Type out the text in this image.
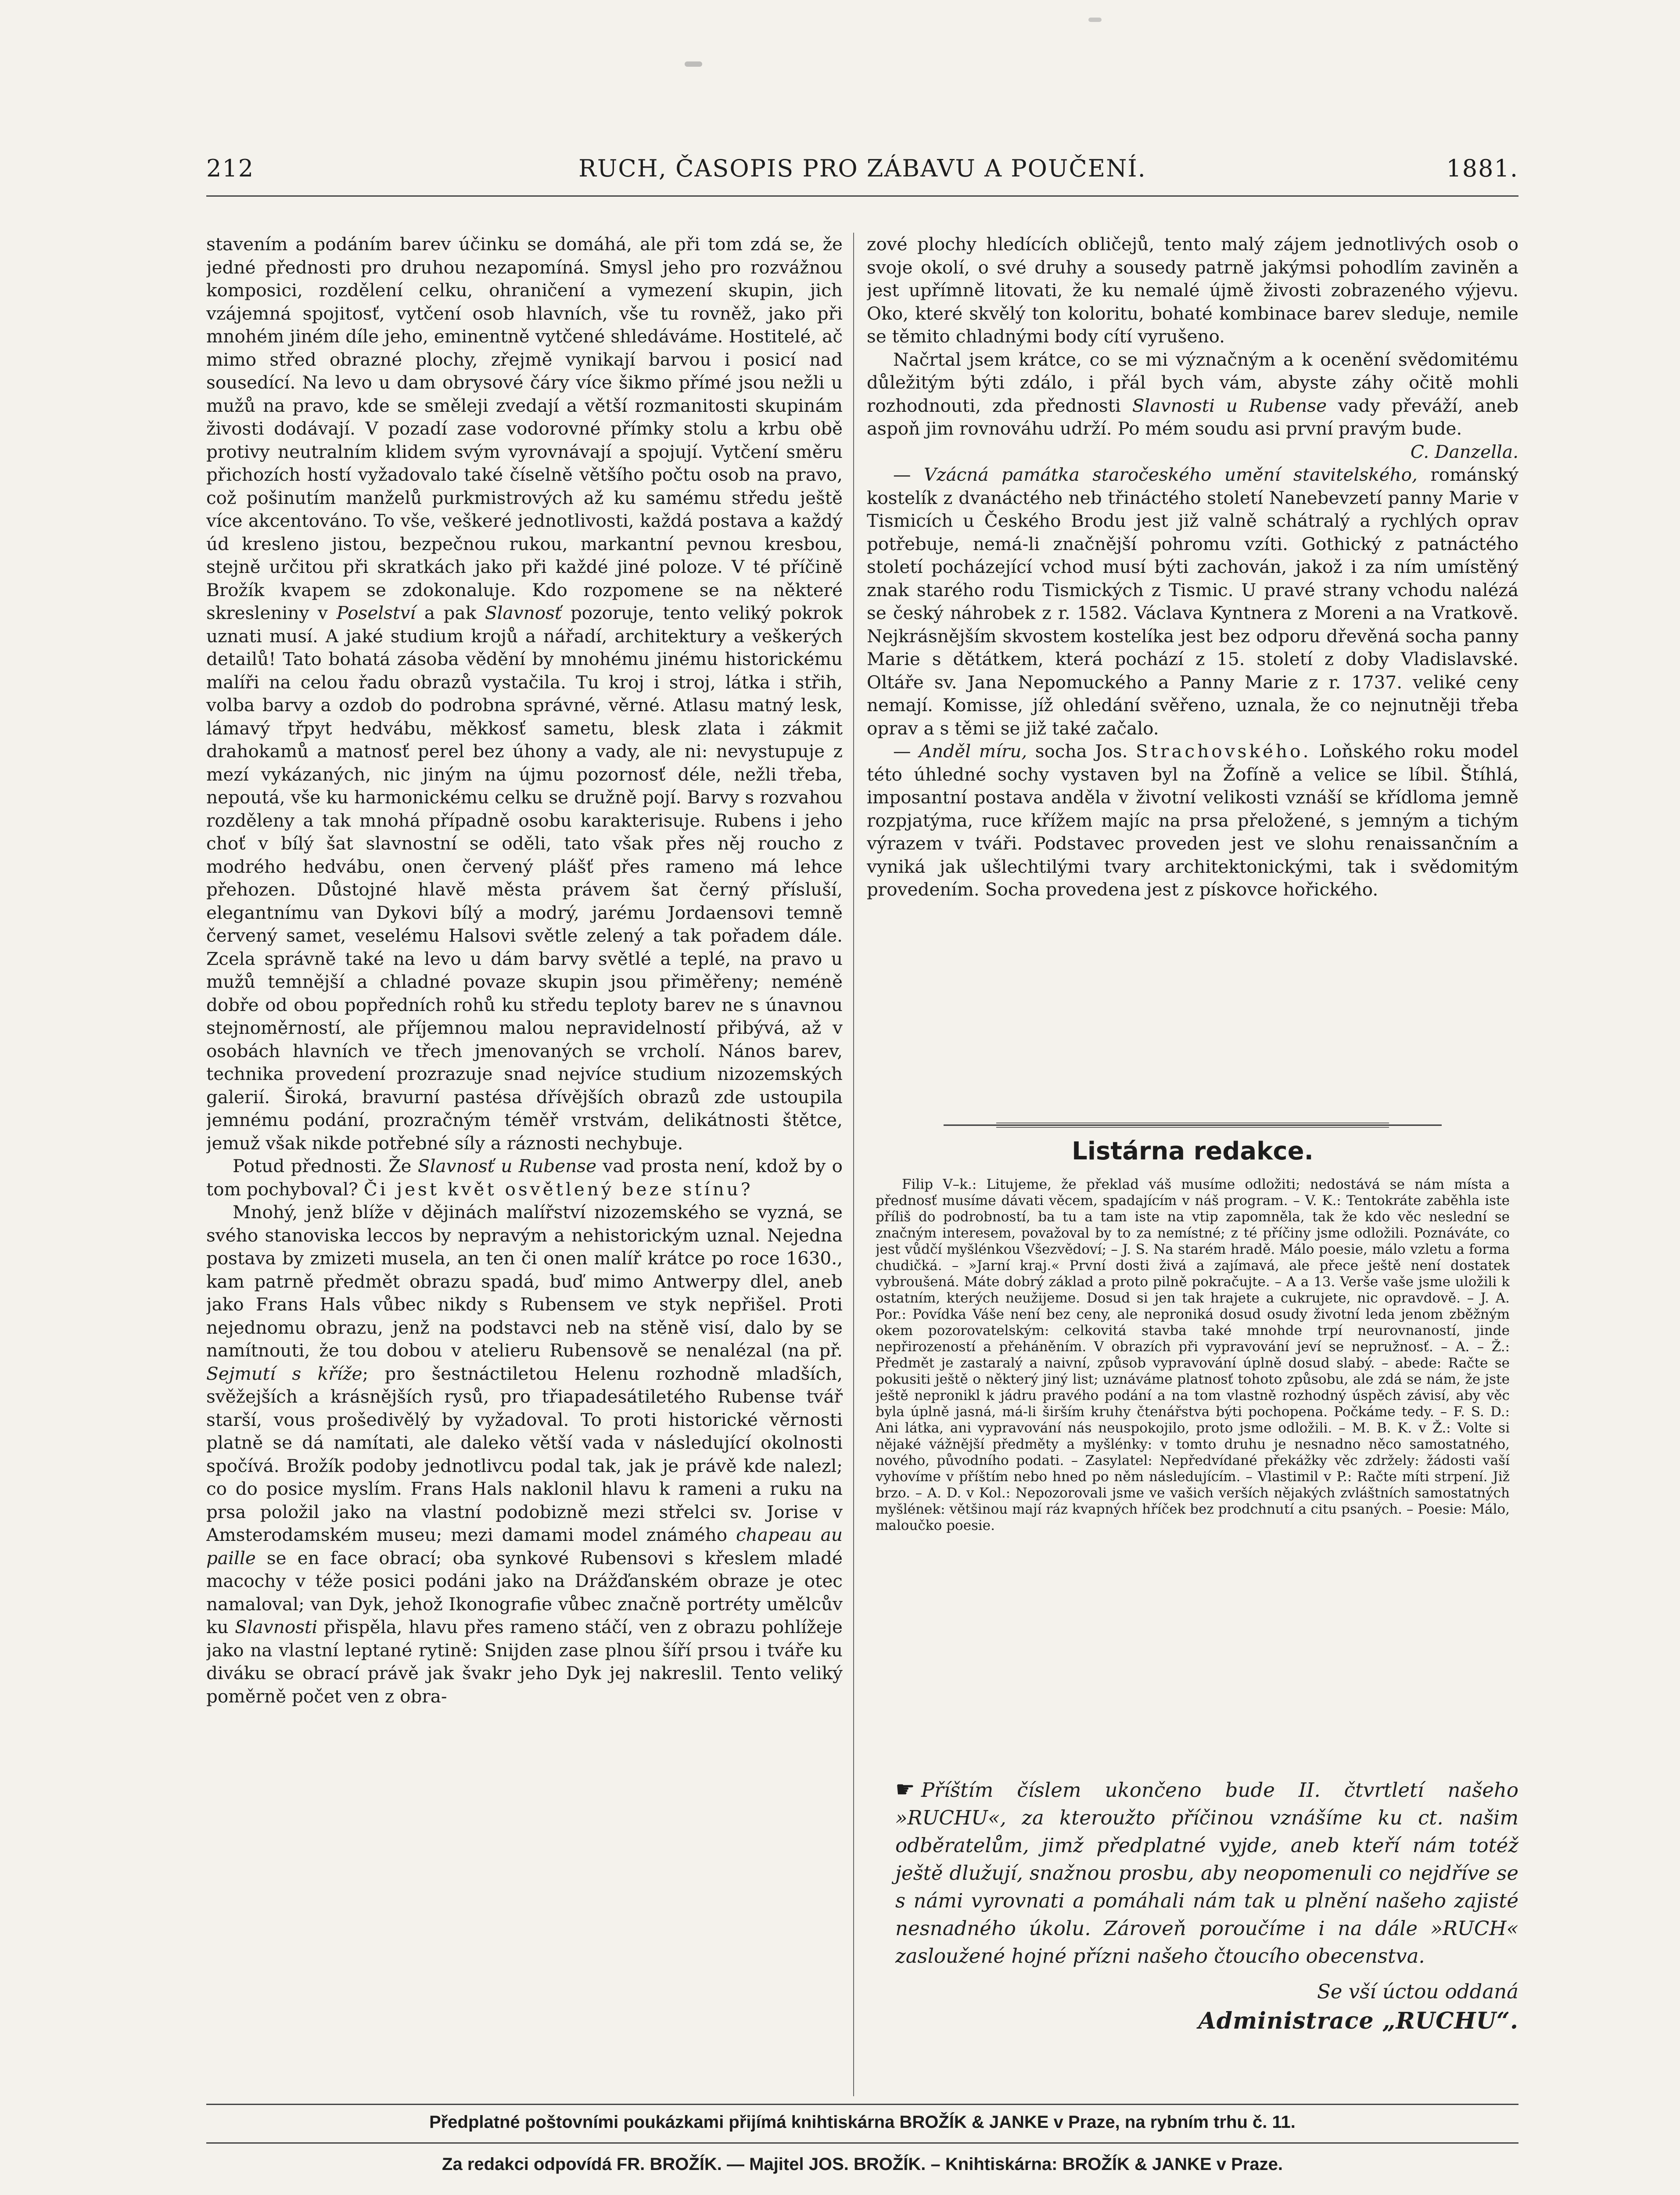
212	RUCH, ČASOPIS PRO ZÁBAVU A POUČENÍ.	1881.

stavením a podáním barev účinku se domáhá, ale při tom zdá se, že jedné přednosti pro druhou nezapomíná. Smysl jeho pro rozvážnou komposici, rozdělení celku, ohraničení a vymezení skupin, jich vzájemná spojitosť, vytčení osob hlavních, vše tu rovněž, jako při mnohém jiném díle jeho, eminentně vytčené shledáváme. Hostitelé, ač mimo střed obrazné plochy, zřejmě vynikají barvou i posicí nad sousedící. Na levo u dam obrysové čáry více šikmo přímé jsou nežli u mužů na pravo, kde se směleji zvedají a větší rozmanitosti skupinám živosti dodávají. V pozadí zase vodorovné přímky stolu a krbu obě protivy neutralním klidem svým vyrovnávají a spojují. Vytčení směru přichozích hostí vyžadovalo také číselně většího počtu osob na pravo, což pošinutím manželů purkmistrových až ku samému středu ještě více akcentováno. To vše, veškeré jednotlivosti, každá postava a každý úd kresleno jistou, bezpečnou rukou, markantní pevnou kresbou, stejně určitou při skratkách jako při každé jiné poloze. V té příčině Brožík kvapem se zdokonaluje. Kdo rozpomene se na některé skresleniny v Poselství a pak Slavnosť pozoruje, tento veliký pokrok uznati musí. A jaké studium krojů a nářadí, architektury a veškerých detailů! Tato bohatá zásoba vědění by mnohému jinému historickému malíři na celou řadu obrazů vystačila. Tu kroj i stroj, látka i střih, volba barvy a ozdob do podrobna správné, věrné. Atlasu matný lesk, lámavý třpyt hedvábu, měkkosť sametu, blesk zlata i zákmit drahokamů a matnosť perel bez úhony a vady, ale ni: nevystupuje z mezí vykázaných, nic jiným na újmu pozornosť déle, nežli třeba, nepoutá, vše ku harmonickému celku se družně pojí. Barvy s rozvahou rozděleny a tak mnohá případně osobu karakterisuje. Rubens i jeho choť v bílý šat slavnostní se oděli, tato však přes něj roucho z modrého hedvábu, onen červený plášť přes rameno má lehce přehozen. Důstojné hlavě města právem šat černý přísluší, elegantnímu van Dykovi bílý a modrý, jarému Jordaensovi temně červený samet, veselému Halsovi světle zelený a tak pořadem dále. Zcela správně také na levo u dám barvy světlé a teplé, na pravo u mužů temnější a chladné povaze skupin jsou přiměřeny; neméně dobře od obou popředních rohů ku středu teploty barev ne s únavnou stejnoměrností, ale příjemnou malou nepravidelností přibývá, až v osobách hlavních ve třech jmenovaných se vrcholí. Nános barev, technika provedení prozrazuje snad nejvíce studium nizozemských galerií. Široká, bravurní pastésa dřívějších obrazů zde ustoupila jemnému podání, prozračným téměř vrstvám, delikátnosti štětce, jemuž však nikde potřebné síly a ráznosti nechybuje.

Potud přednosti. Že Slavnosť u Rubense vad prosta není, kdož by o tom pochyboval? Či jest květ osvětlený beze stínu?

Mnohý, jenž blíže v dějinách malířství nizozemského se vyzná, se svého stanoviska leccos by nepravým a nehistorickým uznal. Nejedna postava by zmizeti musela, an ten či onen malíř krátce po roce 1630., kam patrně předmět obrazu spadá, buď mimo Antwerpy dlel, aneb jako Frans Hals vůbec nikdy s Rubensem ve styk nepřišel. Proti nejednomu obrazu, jenž na podstavci neb na stěně visí, dalo by se namítnouti, že tou dobou v atelieru Rubensově se nenalézal (na př. Sejmutí s kříže; pro šestnáctiletou Helenu rozhodně mladších, svěžejších a krásnějších rysů, pro třiapadesátiletého Rubense tvář starší, vous prošedivělý by vyžadoval. To proti historické věrnosti platně se dá namítati, ale daleko větší vada v následující okolnosti spočívá. Brožík podoby jednotlivcu podal tak, jak je právě kde nalezl; co do posice myslím. Frans Hals naklonil hlavu k rameni a ruku na prsa položil jako na vlastní podobizně mezi střelci sv. Jorise v Amsterodamském museu; mezi damami model známého chapeau au paille se en face obrací; oba synkové Rubensovi s křeslem mladé macochy v téže posici podáni jako na Drážďanském obraze je otec namaloval; van Dyk, jehož Ikonografie vůbec značně portréty umělcův ku Slavnosti přispěla, hlavu přes rameno stáčí, ven z obrazu pohlížeje jako na vlastní leptané rytině: Snijden zase plnou šíří prsou i tváře ku diváku se obrací právě jak švakr jeho Dyk jej nakreslil. Tento veliký poměrně počet ven z obra-

zové plochy hledících obličejů, tento malý zájem jednotlivých osob o svoje okolí, o své druhy a sousedy patrně jakýmsi pohodlím zaviněn a jest upřímně litovati, že ku nemalé újmě živosti zobrazeného výjevu. Oko, které skvělý ton koloritu, bohaté kombinace barev sleduje, nemile se těmito chladnými body cítí vyrušeno.

Načrtal jsem krátce, co se mi význačným a k ocenění svědomitému důležitým býti zdálo, i přál bych vám, abyste záhy očitě mohli rozhodnouti, zda přednosti Slavnosti u Rubense vady převáží, aneb aspoň jim rovnováhu udrží. Po mém soudu asi první pravým bude.
C. Danzella.

— Vzácná památka staročeského umění stavitelského, románský kostelík z dvanáctého neb třináctého století Nanebevzetí panny Marie v Tismicích u Českého Brodu jest již valně schátralý a rychlých oprav potřebuje, nemá-li značnější pohromu vzíti. Gothický z patnáctého století pocházející vchod musí býti zachován, jakož i za ním umístěný znak starého rodu Tismických z Tismic. U pravé strany vchodu nalézá se český náhrobek z r. 1582. Václava Kyntnera z Moreni a na Vratkově. Nejkrásnějším skvostem kostelíka jest bez odporu dřevěná socha panny Marie s dětátkem, která pochází z 15. století z doby Vladislavské. Oltáře sv. Jana Nepomuckého a Panny Marie z r. 1737. veliké ceny nemají. Komisse, jíž ohledání svěřeno, uznala, že co nejnutněji třeba oprav a s těmi se již také začalo.

— Anděl míru, socha Jos. Strachovského. Loňského roku model této úhledné sochy vystaven byl na Žofíně a velice se líbil. Štíhlá, imposantní postava anděla v životní velikosti vznáší se křídloma jemně rozpjatýma, ruce křížem majíc na prsa přeložené, s jemným a tichým výrazem v tváři. Podstavec proveden jest ve slohu renaissančním a vyniká jak ušlechtilými tvary architektonickými, tak i svědomitým provedením. Socha provedena jest z pískovce hořického.

Listárna redakce.

Filip V–k.: Litujeme, že překlad váš musíme odložiti; nedostává se nám místa a přednosť musíme dávati věcem, spadajícím v náš program. – V. K.: Tentokráte zaběhla iste příliš do podrobností, ba tu a tam iste na vtip zapomněla, tak že kdo věc neslední se značným interesem, považoval by to za nemístné; z té příčiny jsme odložili. Poznáváte, co jest vůdčí myšlénkou Všezvědoví; – J. S. Na starém hradě. Málo poesie, málo vzletu a forma chudičká. – »Jarní kraj.« První dosti živá a zajímavá, ale přece ještě není dostatek vybroušená. Máte dobrý základ a proto pilně pokračujte. – A a 13. Verše vaše jsme uložili k ostatním, kterých neužijeme. Dosud si jen tak hrajete a cukrujete, nic opravdově. – J. A. Por.: Povídka Váše není bez ceny, ale neproniká dosud osudy životní leda jenom zběžným okem pozorovatelským: celkovitá stavba také mnohde trpí neurovnaností, jinde nepřirozeností a přeháněním. V obrazích při vypravování jeví se nepružnosť. – A. – Ž.: Předmět je zastaralý a naivní, způsob vypravování úplně dosud slabý. – abede: Račte se pokusiti ještě o některý jiný list; uznáváme platnosť tohoto způsobu, ale zdá se nám, že jste ještě nepronikl k jádru pravého podání a na tom vlastně rozhodný úspěch závisí, aby věc byla úplně jasná, má-li širším kruhy čtenářstva býti pochopena. Počkáme tedy. – F. S. D.: Ani látka, ani vypravování nás neuspokojilo, proto jsme odložili. – M. B. K. v Ž.: Volte si nějaké vážnější předměty a myšlénky: v tomto druhu je nesnadno něco samostatného, nového, původního podati. – Zasylatel: Nepředvídané překážky věc zdržely: žádosti vaší vyhovíme v příštím nebo hned po něm následujícím. – Vlastimil v P.: Račte míti strpení. Již brzo. – A. D. v Kol.: Nepozorovali jsme ve vašich verších nějakých zvláštních samostatných myšlének: většinou mají ráz kvapných hříček bez prodchnutí a citu psaných. – Poesie: Málo, maloučko poesie.

☛ Příštím číslem ukončeno bude II. čtvrtletí našeho »RUCHU«, za kteroužto příčinou vznášíme ku ct. našim odběratelům, jimž předplatné vyjde, aneb kteří nám totéž ještě dlužují, snažnou prosbu, aby neopomenuli co nejdříve se s námi vyrovnati a pomáhali nám tak u plnění našeho zajisté nesnadného úkolu. Zároveň poroučíme i na dále »RUCH« zasloužené hojné přízni našeho čtoucího obecenstva.

Se vší úctou oddaná
Administrace „RUCHU“.
Předplatné poštovními poukázkami přijímá knihtiskárna BROŽÍK & JANKE v Praze, na rybním trhu č. 11.
Za redakci odpovídá FR. BROŽÍK. — Majitel JOS. BROŽÍK. – Knihtiskárna: BROŽÍK & JANKE v Praze.
